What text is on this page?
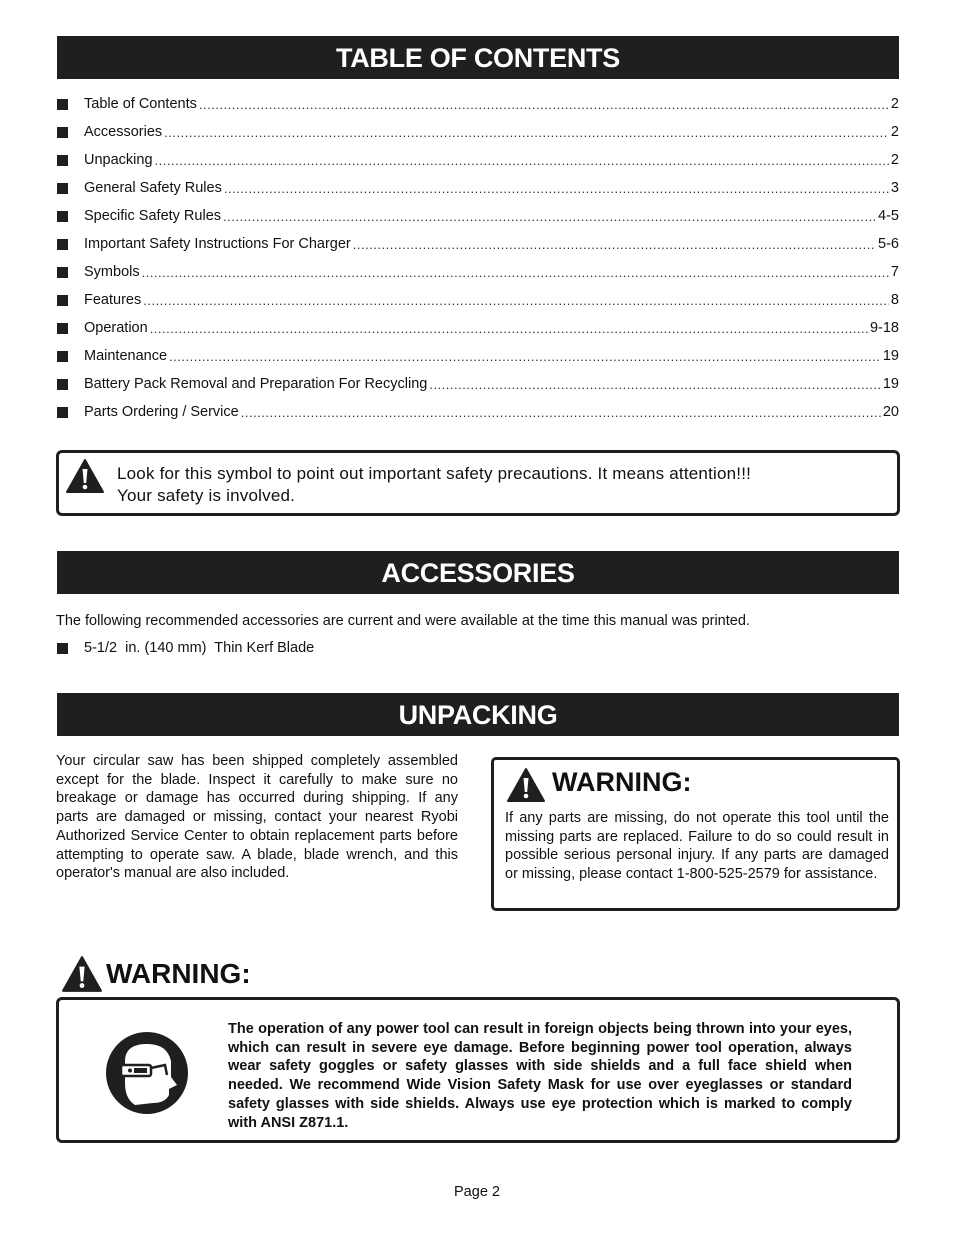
TABLE OF CONTENTS
Table of Contents .....	2
Accessories .....	2
Unpacking .....	2
General Safety Rules .....	3
Specific Safety Rules .....	4-5
Important Safety Instructions For Charger .....	5-6
Symbols .....	7
Features .....	8
Operation .....	9-18
Maintenance .....	19
Battery Pack Removal and Preparation For Recycling .....	19
Parts Ordering / Service .....	20
Look for this symbol to point out important safety precautions. It means attention!!!
Your safety is involved.
ACCESSORIES
The following recommended accessories are current and were available at the time this manual was printed.
5-1/2  in. (140 mm)  Thin Kerf Blade
UNPACKING
Your circular saw has been shipped completely assembled except for the blade. Inspect it carefully to make sure no breakage or damage has occurred during shipping. If any parts are damaged or missing, contact your nearest Ryobi Authorized Service Center to obtain replacement parts before attempting to operate saw. A blade, blade wrench, and this operator's manual are also included.
WARNING:
If any parts are missing, do not operate this tool until the missing parts are replaced. Failure to do so could result in possible serious personal injury. If any parts are damaged or missing, please contact 1-800-525-2579 for assistance.
WARNING:
The operation of any power tool can result in foreign objects being thrown into your eyes, which can result in severe eye damage. Before beginning power tool operation, always wear safety goggles or safety glasses with side shields and a full face shield when needed. We recommend Wide Vision Safety Mask for use over eyeglasses or standard safety glasses with side shields. Always use eye protection which is marked to comply with ANSI Z871.1.
Page 2
